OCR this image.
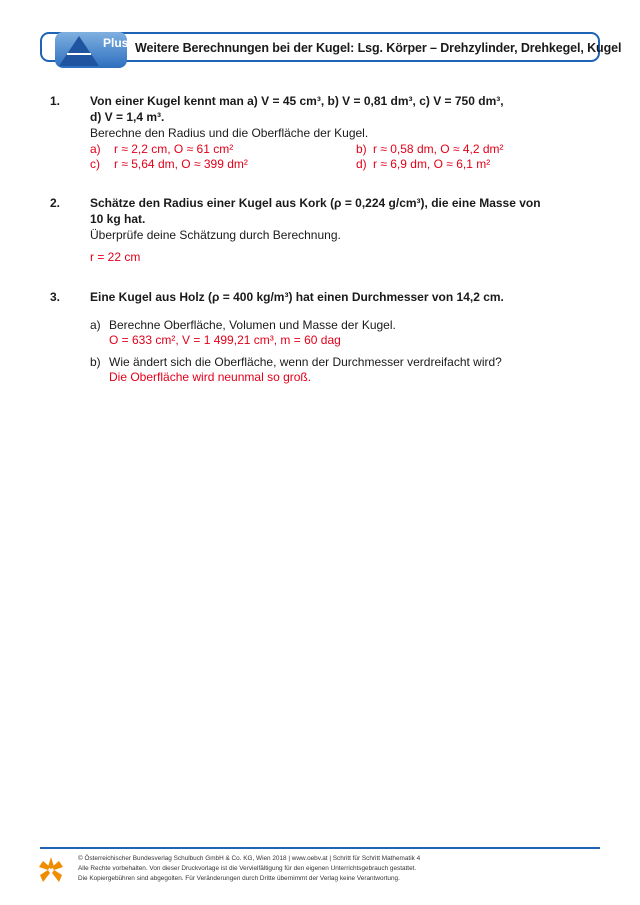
Plus Weitere Berechnungen bei der Kugel: Lsg. Körper – Drehzylinder, Drehkegel, Kugel
1. Von einer Kugel kennt man a) V = 45 cm³, b) V = 0,81 dm³, c) V = 750 dm³,
d) V = 1,4 m³.
Berechne den Radius und die Oberfläche der Kugel.
a) r ≈ 2,2 cm, O ≈ 61 cm²	b) r ≈ 0,58 dm, O ≈ 4,2 dm²
c) r ≈ 5,64 dm, O ≈ 399 dm²	d) r ≈ 6,9 dm, O ≈ 6,1 m²
2. Schätze den Radius einer Kugel aus Kork (ρ = 0,224 g/cm³), die eine Masse von
10 kg hat.
Überprüfe deine Schätzung durch Berechnung.
r = 22 cm
3. Eine Kugel aus Holz (ρ = 400 kg/m³) hat einen Durchmesser von 14,2 cm.
a) Berechne Oberfläche, Volumen und Masse der Kugel.
O = 633 cm², V = 1 499,21 cm³, m = 60 dag
b) Wie ändert sich die Oberfläche, wenn der Durchmesser verdreifacht wird?
Die Oberfläche wird neunmal so groß.
© Österreichischer Bundesverlag Schulbuch GmbH & Co. KG, Wien 2018 | www.oebv.at | Schritt für Schritt Mathematik 4
Alle Rechte vorbehalten. Von dieser Druckvorlage ist die Vervielfältigung für den eigenen Unterrichtsgebrauch gestattet.
Die Kopiergebühren sind abgegolten. Für Veränderungen durch Dritte übernimmt der Verlag keine Verantwortung.
